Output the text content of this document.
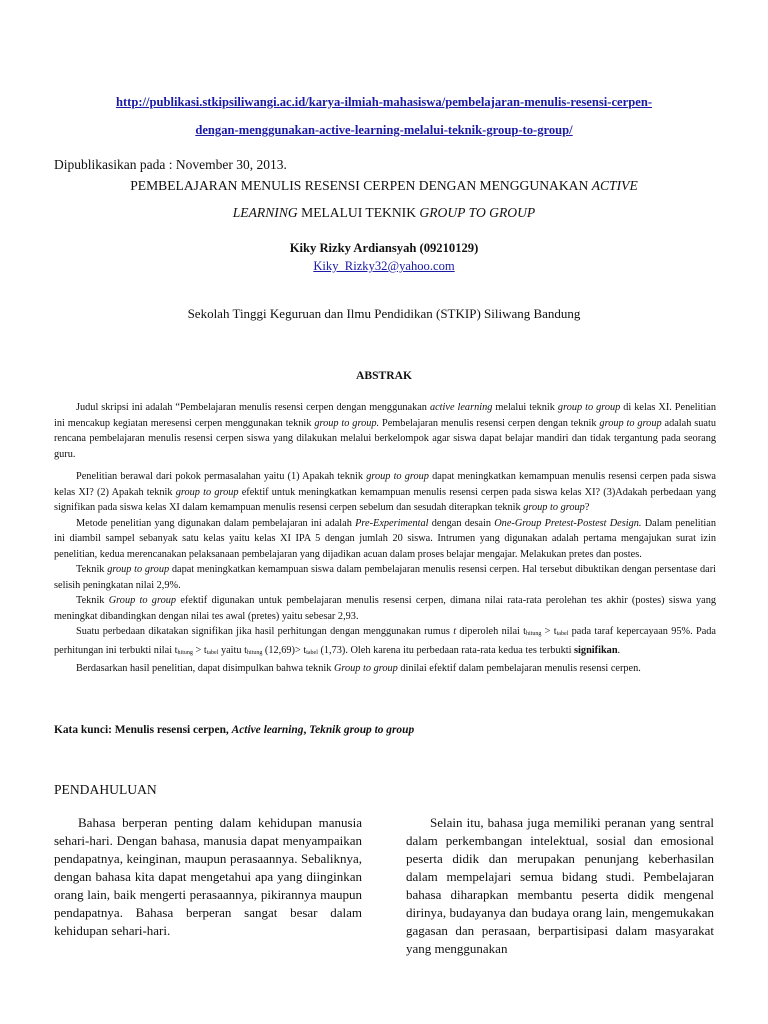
http://publikasi.stkipsiliwangi.ac.id/karya-ilmiah-mahasiswa/pembelajaran-menulis-resensi-cerpen-
dengan-menggunakan-active-learning-melalui-teknik-group-to-group/
Dipublikasikan pada : November 30, 2013.
PEMBELAJARAN MENULIS RESENSI CERPEN DENGAN MENGGUNAKAN ACTIVE
LEARNING MELALUI TEKNIK GROUP TO GROUP
Kiky Rizky Ardiansyah (09210129)
Kiky_Rizky32@yahoo.com
Sekolah Tinggi Keguruan dan Ilmu Pendidikan (STKIP) Siliwang Bandung
ABSTRAK

Judul skripsi ini adalah “Pembelajaran menulis resensi cerpen dengan menggunakan active learning melalui teknik group to group di kelas XI. Penelitian ini mencakup kegiatan meresensi cerpen menggunakan teknik group to group. Pembelajaran menulis resensi cerpen dengan teknik group to group adalah suatu rencana pembelajaran menulis resensi cerpen siswa yang dilakukan melalui berkelompok agar siswa dapat belajar mandiri dan tidak tergantung pada seorang guru.

Penelitian berawal dari pokok permasalahan yaitu (1) Apakah teknik group to group dapat meningkatkan kemampuan menulis resensi cerpen pada siswa kelas XI? (2) Apakah teknik group to group efektif untuk meningkatkan kemampuan menulis resensi cerpen pada siswa kelas XI? (3)Adakah perbedaan yang signifikan pada siswa kelas XI dalam kemampuan menulis resensi cerpen sebelum dan sesudah diterapkan teknik group to group?

Metode penelitian yang digunakan dalam pembelajaran ini adalah Pre-Experimental dengan desain One-Group Pretest-Postest Design. Dalam penelitian ini diambil sampel sebanyak satu kelas yaitu kelas XI IPA 5 dengan jumlah 20 siswa. Intrumen yang digunakan adalah pertama mengajukan surat izin penelitian, kedua merencanakan pelaksanaan pembelajaran yang dijadikan acuan dalam proses belajar mengajar. Melakukan pretes dan postes.

Teknik group to group dapat meningkatkan kemampuan siswa dalam pembelajaran menulis resensi cerpen. Hal tersebut dibuktikan dengan persentase dari selisih peningkatan nilai 2,9%.

Teknik Group to group efektif digunakan untuk pembelajaran menulis resensi cerpen, dimana nilai rata-rata perolehan tes akhir (postes) siswa yang meningkat dibandingkan dengan nilai tes awal (pretes) yaitu sebesar 2,93.

Suatu perbedaan dikatakan signifikan jika hasil perhitungan dengan menggunakan rumus t diperoleh nilai $t_{hitung} > t_{tabel}$ pada taraf kepercayaan 95%. Pada perhitungan ini terbukti nilai $t_{hitung} > t_{tabel}$ yaitu $t_{hitung}$ $(12,69)> t_{tabel}$ (1,73). Oleh karena itu perbedaan rata-rata kedua tes terbukti signifikan.

Berdasarkan hasil penelitian, dapat disimpulkan bahwa teknik Group to group dinilai efektif dalam pembelajaran menulis resensi cerpen.

Kata kunci: Menulis resensi cerpen, Active learning, Teknik group to group
PENDAHULUAN

Bahasa berperan penting dalam kehidupan manusia sehari-hari. Dengan bahasa, manusia dapat menyampaikan pendapatnya, keinginan, maupun perasaannya. Sebaliknya, dengan bahasa kita dapat mengetahui apa yang diinginkan orang lain, baik mengerti perasaannya, pikirannya maupun pendapatnya. Bahasa berperan sangat besar dalam kehidupan sehari-hari.

Selain itu, bahasa juga memiliki peranan yang sentral dalam perkembangan intelektual, sosial dan emosional peserta didik dan merupakan penunjang keberhasilan dalam mempelajari semua bidang studi. Pembelajaran bahasa diharapkan membantu peserta didik mengenal dirinya, budayanya dan budaya orang lain, mengemukakan gagasan dan perasaan, berpartisipasi dalam masyarakat yang menggunakan
